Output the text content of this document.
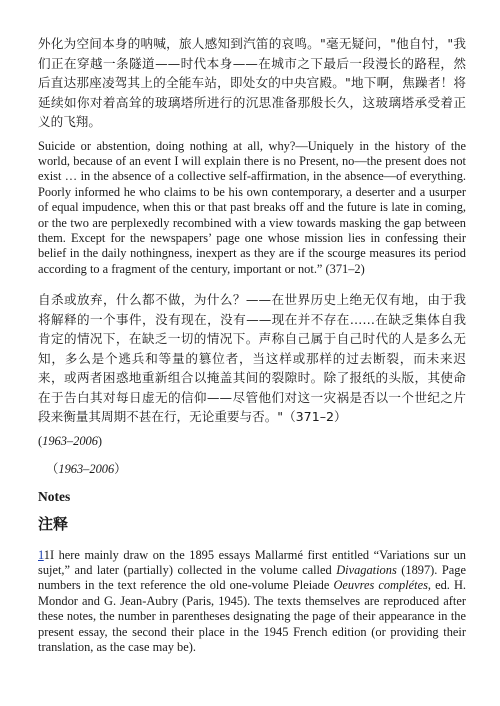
外化为空间本身的呐喊，旅人感知到汽笛的哀鸣。"毫无疑问，"他自忖，"我们正在穿越一条隧道——时代本身——在城市之下最后一段漫长的路程，然后直达那座凌驾其上的全能车站，即处女的中央宫殿。"地下啊，焦躁者！将延续如你对着高耸的玻璃塔所进行的沉思准备那般长久，这玻璃塔承受着正义的飞翔。

Suicide or abstention, doing nothing at all, why?—Uniquely in the history of the world, because of an event I will explain there is no Present, no—the present does not exist … in the absence of a collective self-affirmation, in the absence—of everything. Poorly informed he who claims to be his own contemporary, a deserter and a usurper of equal impudence, when this or that past breaks off and the future is late in coming, or the two are perplexedly recombined with a view towards masking the gap between them. Except for the newspapers’ page one whose mission lies in confessing their belief in the daily nothingness, inexpert as they are if the scourge measures its period according to a fragment of the century, important or not.” (371–2)

自杀或放弃，什么都不做，为什么？——在世界历史上绝无仅有地，由于我将解释的一个事件，没有现在，没有——现在并不存在……在缺乏集体自我肯定的情况下，在缺乏一切的情况下。声称自己属于自己时代的人是多么无知，多么是个逃兵和等量的篡位者，当这样或那样的过去断裂，而未来迟来，或两者困惑地重新组合以掩盖其间的裂隙时。除了报纸的头版，其使命在于告白其对每日虚无的信仰——尽管他们对这一灾祸是否以一个世纪之片段来衡量其周期不甚在行，无论重要与否。"（371–2）

(1963–2006)

（1963–2006）

Notes
注释

11I here mainly draw on the 1895 essays Mallarmé first entitled “Variations sur un sujet,” and later (partially) collected in the volume called Divagations (1897). Page numbers in the text reference the old one-volume Pleiade Oeuvres complétes, ed. H. Mondor and G. Jean-Aubry (Paris, 1945). The texts themselves are reproduced after these notes, the number in parentheses designating the page of their appearance in the present essay, the second their place in the 1945 French edition (or providing their translation, as the case may be).
